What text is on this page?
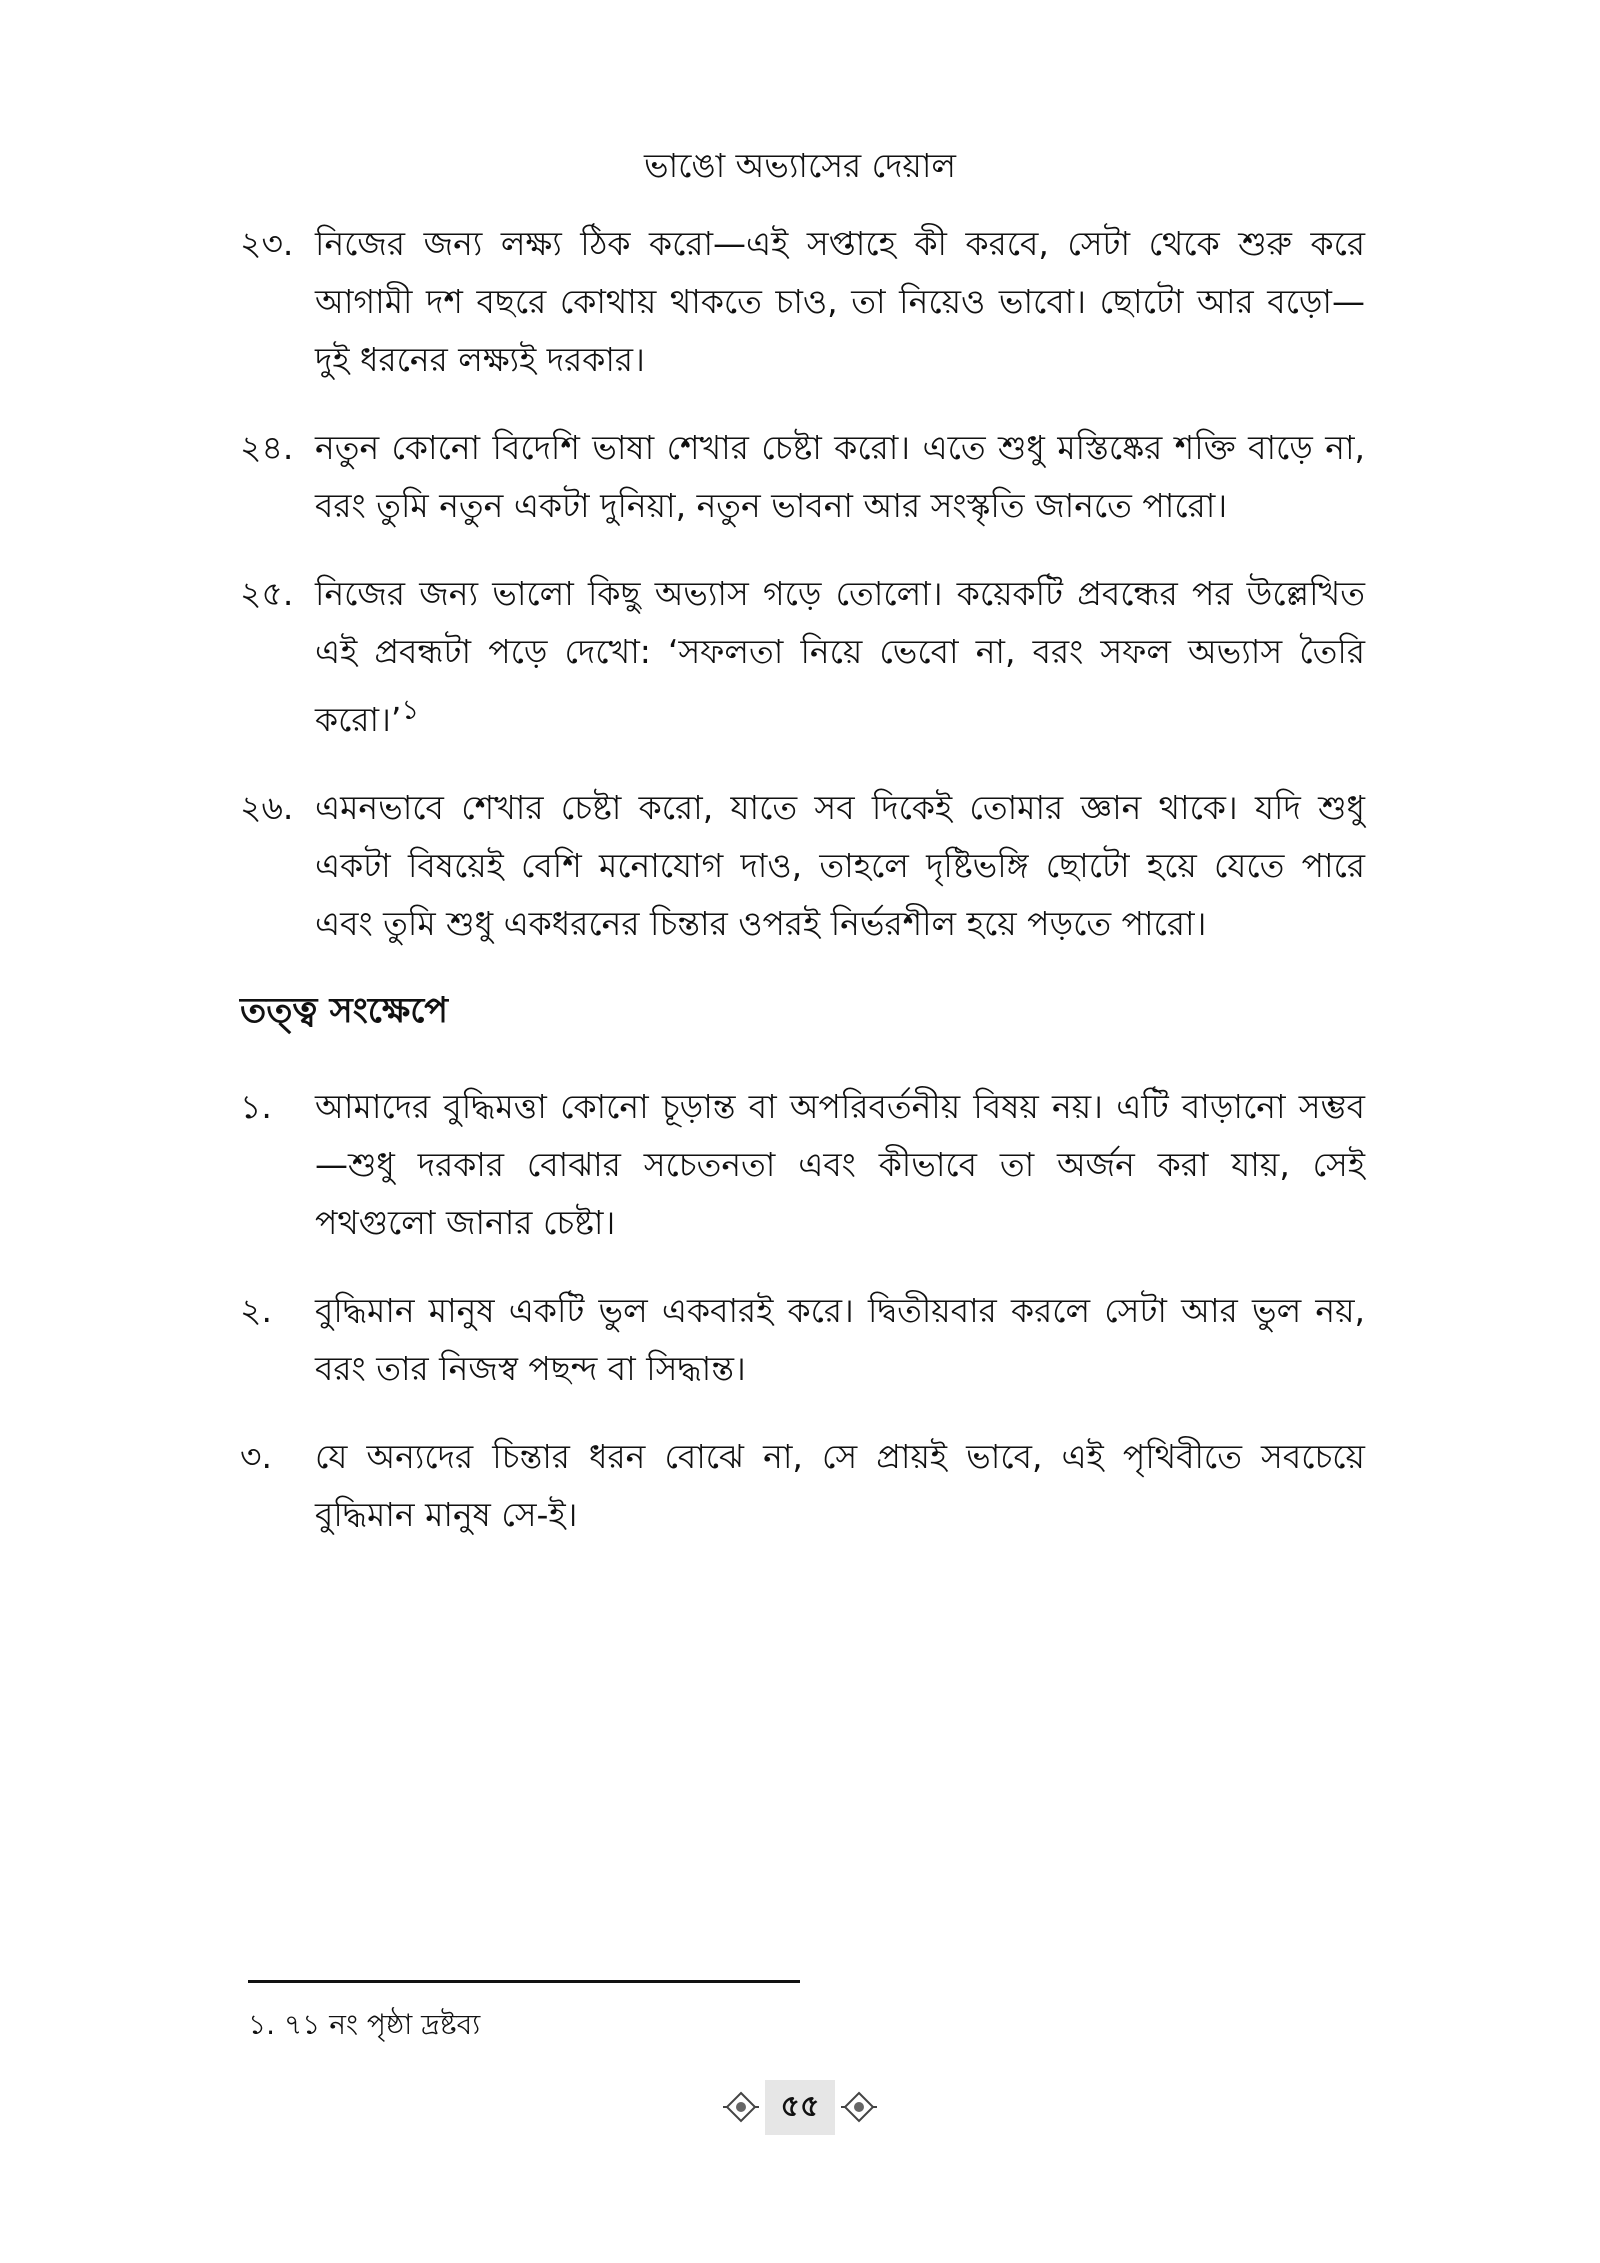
ভাঙো অভ্যাসের দেয়াল
২৩. নিজের জন্য লক্ষ্য ঠিক করো—এই সপ্তাহে কী করবে, সেটা থেকে শুরু করে আগামী দশ বছরে কোথায় থাকতে চাও, তা নিয়েও ভাবো। ছোটো আর বড়ো—দুই ধরনের লক্ষ্যই দরকার।
২৪. নতুন কোনো বিদেশি ভাষা শেখার চেষ্টা করো। এতে শুধু মস্তিষ্কের শক্তি বাড়ে না, বরং তুমি নতুন একটা দুনিয়া, নতুন ভাবনা আর সংস্কৃতি জানতে পারো।
২৫. নিজের জন্য ভালো কিছু অভ্যাস গড়ে তোলো। কয়েকটি প্রবন্ধের পর উল্লেখিত এই প্রবন্ধটা পড়ে দেখো: ‘সফলতা নিয়ে ভেবো না, বরং সফল অভ্যাস তৈরি করো।’$^১$
২৬. এমনভাবে শেখার চেষ্টা করো, যাতে সব দিকেই তোমার জ্ঞান থাকে। যদি শুধু একটা বিষয়েই বেশি মনোযোগ দাও, তাহলে দৃষ্টিভঙ্গি ছোটো হয়ে যেতে পারে এবং তুমি শুধু একধরনের চিন্তার ওপরই নির্ভরশীল হয়ে পড়তে পারো।
তত্ত্ব সংক্ষেপে
১.	আমাদের বুদ্ধিমত্তা কোনো চূড়ান্ত বা অপরিবর্তনীয় বিষয় নয়। এটি বাড়ানো সম্ভব—শুধু দরকার বোঝার সচেতনতা এবং কীভাবে তা অর্জন করা যায়, সেই পথগুলো জানার চেষ্টা।
২.	বুদ্ধিমান মানুষ একটি ভুল একবারই করে। দ্বিতীয়বার করলে সেটা আর ভুল নয়, বরং তার নিজস্ব পছন্দ বা সিদ্ধান্ত।
৩.	যে অন্যদের চিন্তার ধরন বোঝে না, সে প্রায়ই ভাবে, এই পৃথিবীতে সবচেয়ে বুদ্ধিমান মানুষ সে-ই।
১. ৭১ নং পৃষ্ঠা দ্রষ্টব্য
৫৫
